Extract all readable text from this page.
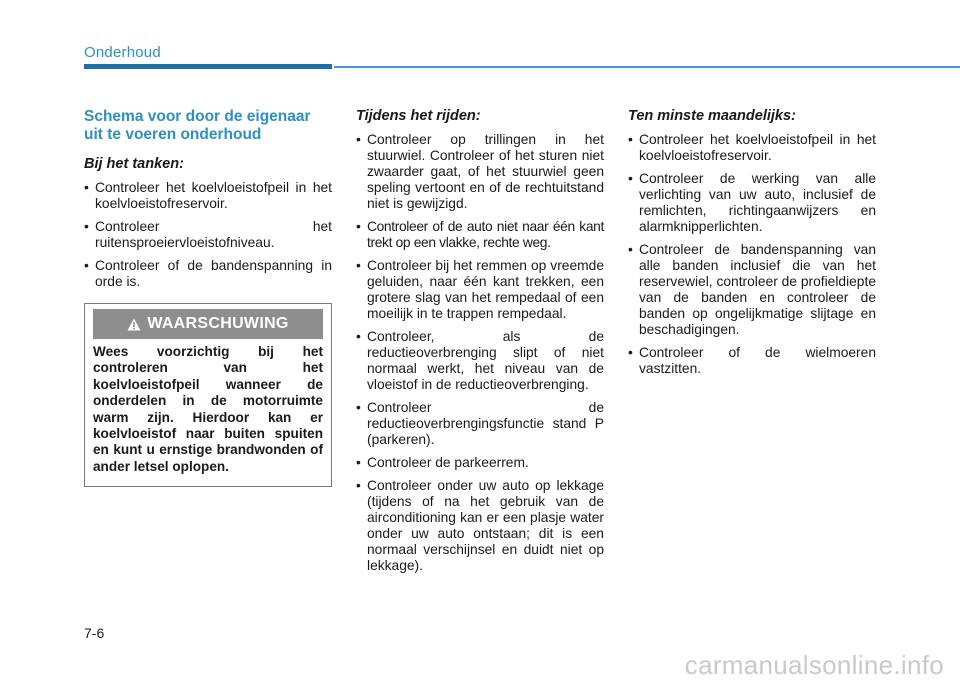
Onderhoud
Schema voor door de eigenaar uit te voeren onderhoud
Bij het tanken:
• Controleer het koelvloeistofpeil in het koelvloeistofreservoir.
• Controleer het ruitensproeiervloeistofniveau.
• Controleer of de bandenspanning in orde is.
WAARSCHUWING
Wees voorzichtig bij het controleren van het koelvloeistofpeil wanneer de onderdelen in de motorruimte warm zijn. Hierdoor kan er koelvloeistof naar buiten spuiten en kunt u ernstige brandwonden of ander letsel oplopen.
Tijdens het rijden:
• Controleer op trillingen in het stuurwiel. Controleer of het sturen niet zwaarder gaat, of het stuurwiel geen speling vertoont en of de rechtuitstand niet is gewijzigd.
• Controleer of de auto niet naar één kant trekt op een vlakke, rechte weg.
• Controleer bij het remmen op vreemde geluiden, naar één kant trekken, een grotere slag van het rempedaal of een moeilijk in te trappen rempedaal.
• Controleer, als de reductieoverbrenging slipt of niet normaal werkt, het niveau van de vloeistof in de reductieoverbrenging.
• Controleer de reductieoverbrengingsfunctie stand P (parkeren).
• Controleer de parkeerrem.
• Controleer onder uw auto op lekkage (tijdens of na het gebruik van de airconditioning kan er een plasje water onder uw auto ontstaan; dit is een normaal verschijnsel en duidt niet op lekkage).
Ten minste maandelijks:
• Controleer het koelvloeistofpeil in het koelvloeistofreservoir.
• Controleer de werking van alle verlichting van uw auto, inclusief de remlichten, richtingaanwijzers en alarmknipperlichten.
• Controleer de bandenspanning van alle banden inclusief die van het reservewiel, controleer de profieldiepte van de banden en controleer de banden op ongelijkmatige slijtage en beschadigingen.
• Controleer of de wielmoeren vastzitten.
7-6
carmanualsonline.info
